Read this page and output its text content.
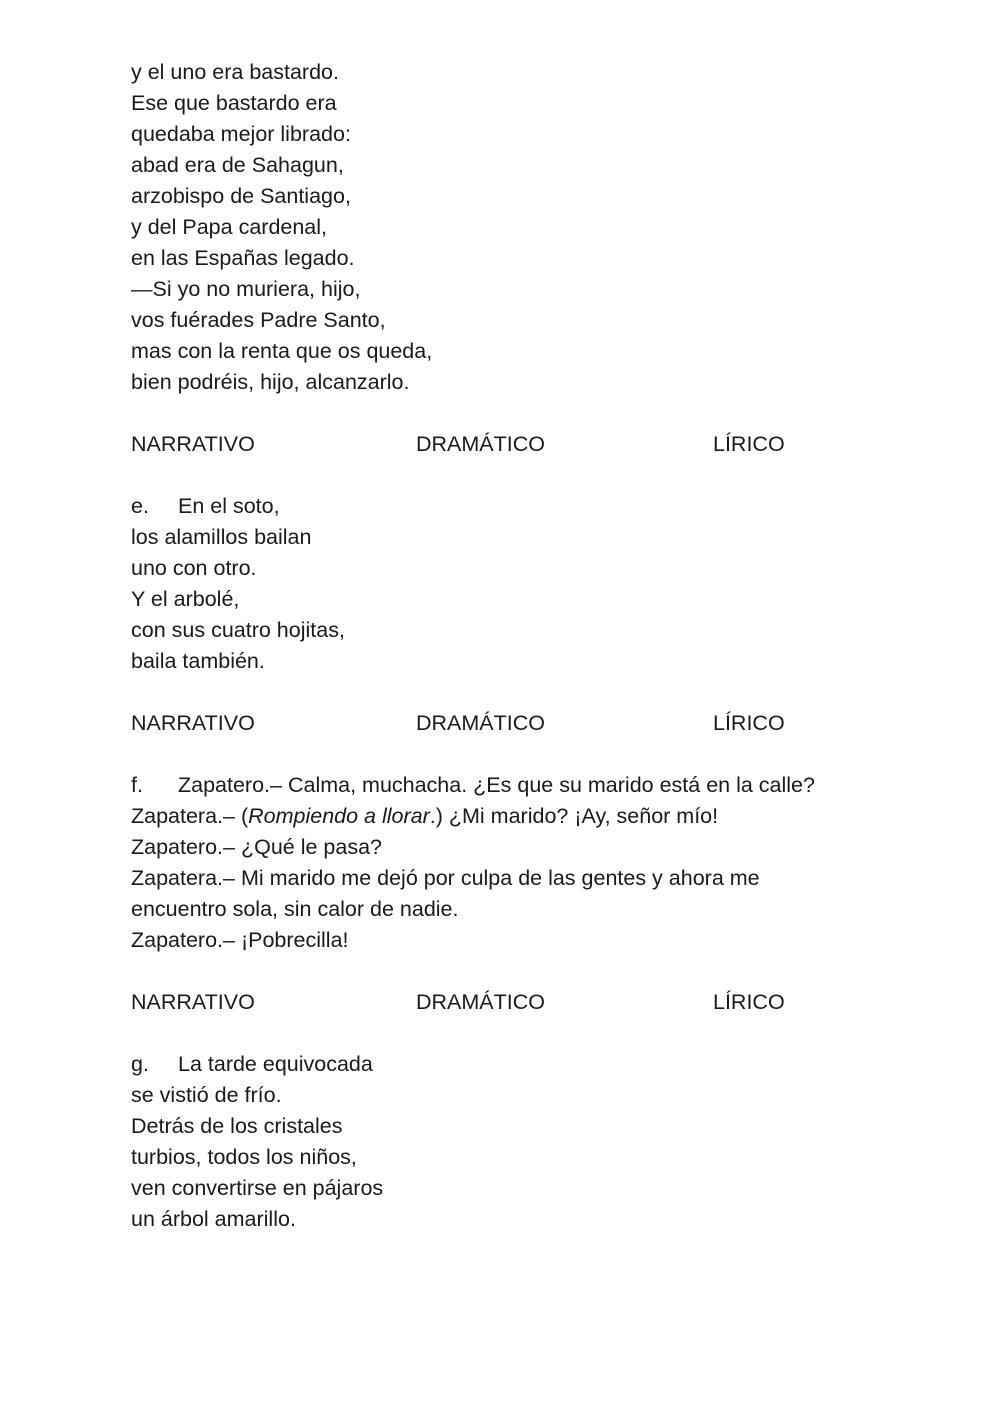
y el uno era bastardo.
Ese que bastardo era
quedaba mejor librado:
abad era de Sahagun,
arzobispo de Santiago,
y del Papa cardenal,
en las Españas legado.
—Si yo no muriera, hijo,
vos fuérades Padre Santo,
mas con la renta que os queda,
bien podréis, hijo, alcanzarlo.
NARRATIVO	DRAMÁTICO	LÍRICO
e. En el soto,
los alamillos bailan
uno con otro.
Y el arbolé,
con sus cuatro hojitas,
baila también.
NARRATIVO	DRAMÁTICO	LÍRICO
f. Zapatero.– Calma, muchacha. ¿Es que su marido está en la calle?
Zapatera.– (Rompiendo a llorar.) ¿Mi marido? ¡Ay, señor mío!
Zapatero.– ¿Qué le pasa?
Zapatera.– Mi marido me dejó por culpa de las gentes y ahora me
encuentro sola, sin calor de nadie.
Zapatero.– ¡Pobrecilla!
NARRATIVO	DRAMÁTICO	LÍRICO
g. La tarde equivocada
se vistió de frío.
Detrás de los cristales
turbios, todos los niños,
ven convertirse en pájaros
un árbol amarillo.
